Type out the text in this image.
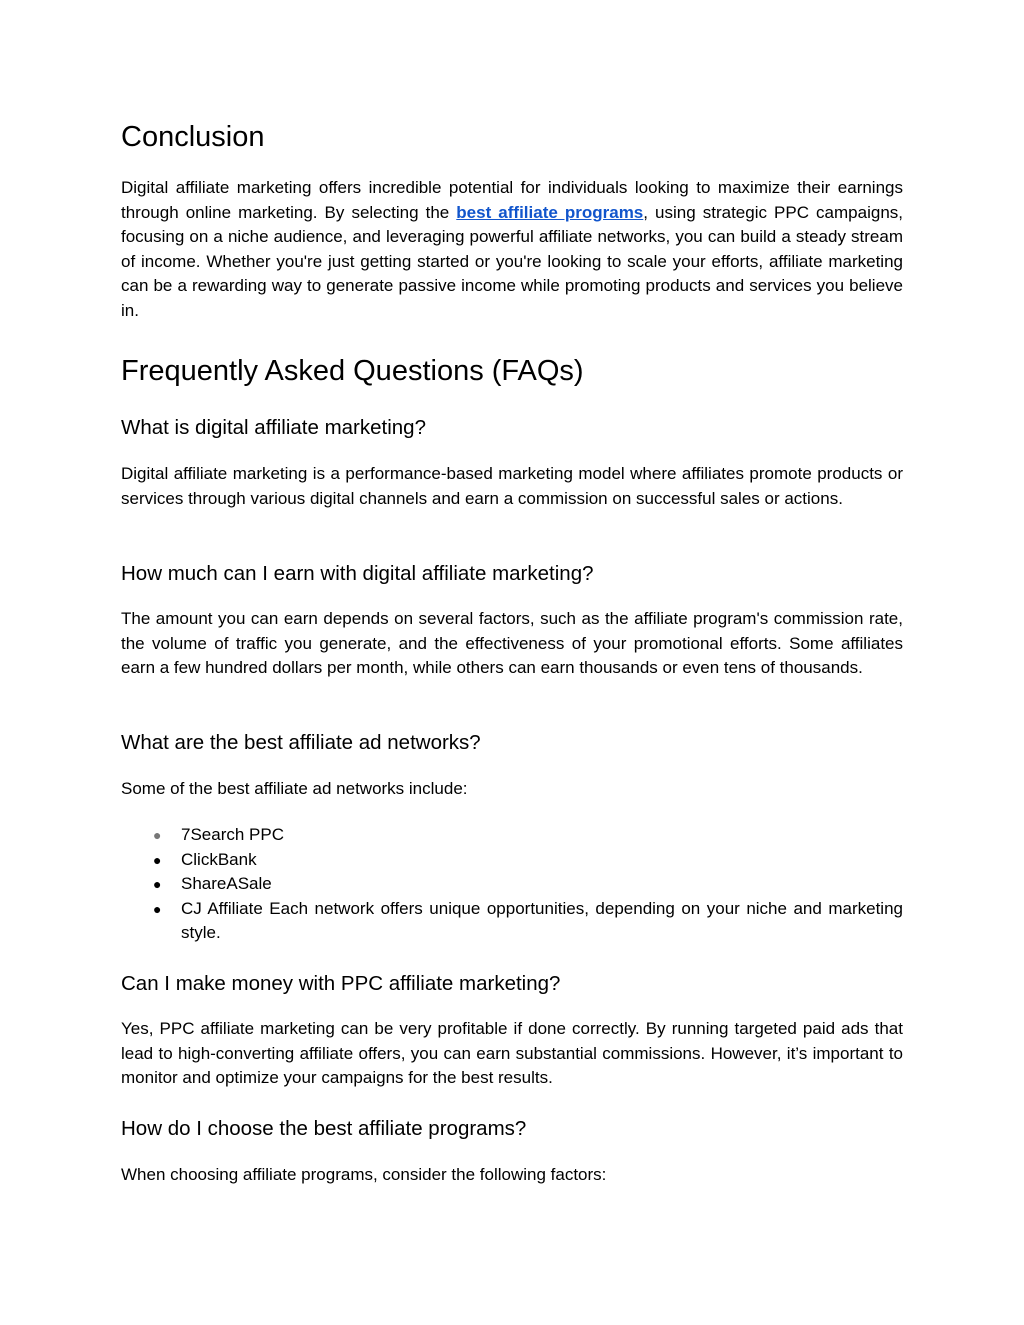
Conclusion

Digital affiliate marketing offers incredible potential for individuals looking to maximize their earnings through online marketing. By selecting the best affiliate programs, using strategic PPC campaigns, focusing on a niche audience, and leveraging powerful affiliate networks, you can build a steady stream of income. Whether you're just getting started or you're looking to scale your efforts, affiliate marketing can be a rewarding way to generate passive income while promoting products and services you believe in.

Frequently Asked Questions (FAQs)
What is digital affiliate marketing?

Digital affiliate marketing is a performance-based marketing model where affiliates promote products or services through various digital channels and earn a commission on successful sales or actions.

How much can I earn with digital affiliate marketing?

The amount you can earn depends on several factors, such as the affiliate program's commission rate, the volume of traffic you generate, and the effectiveness of your promotional efforts. Some affiliates earn a few hundred dollars per month, while others can earn thousands or even tens of thousands.

What are the best affiliate ad networks?

Some of the best affiliate ad networks include:

● 7Search PPC
● ClickBank
● ShareASale
● CJ Affiliate Each network offers unique opportunities, depending on your niche and marketing style.
Can I make money with PPC affiliate marketing?

Yes, PPC affiliate marketing can be very profitable if done correctly. By running targeted paid ads that lead to high-converting affiliate offers, you can earn substantial commissions. However, it’s important to monitor and optimize your campaigns for the best results.

How do I choose the best affiliate programs?

When choosing affiliate programs, consider the following factors:
